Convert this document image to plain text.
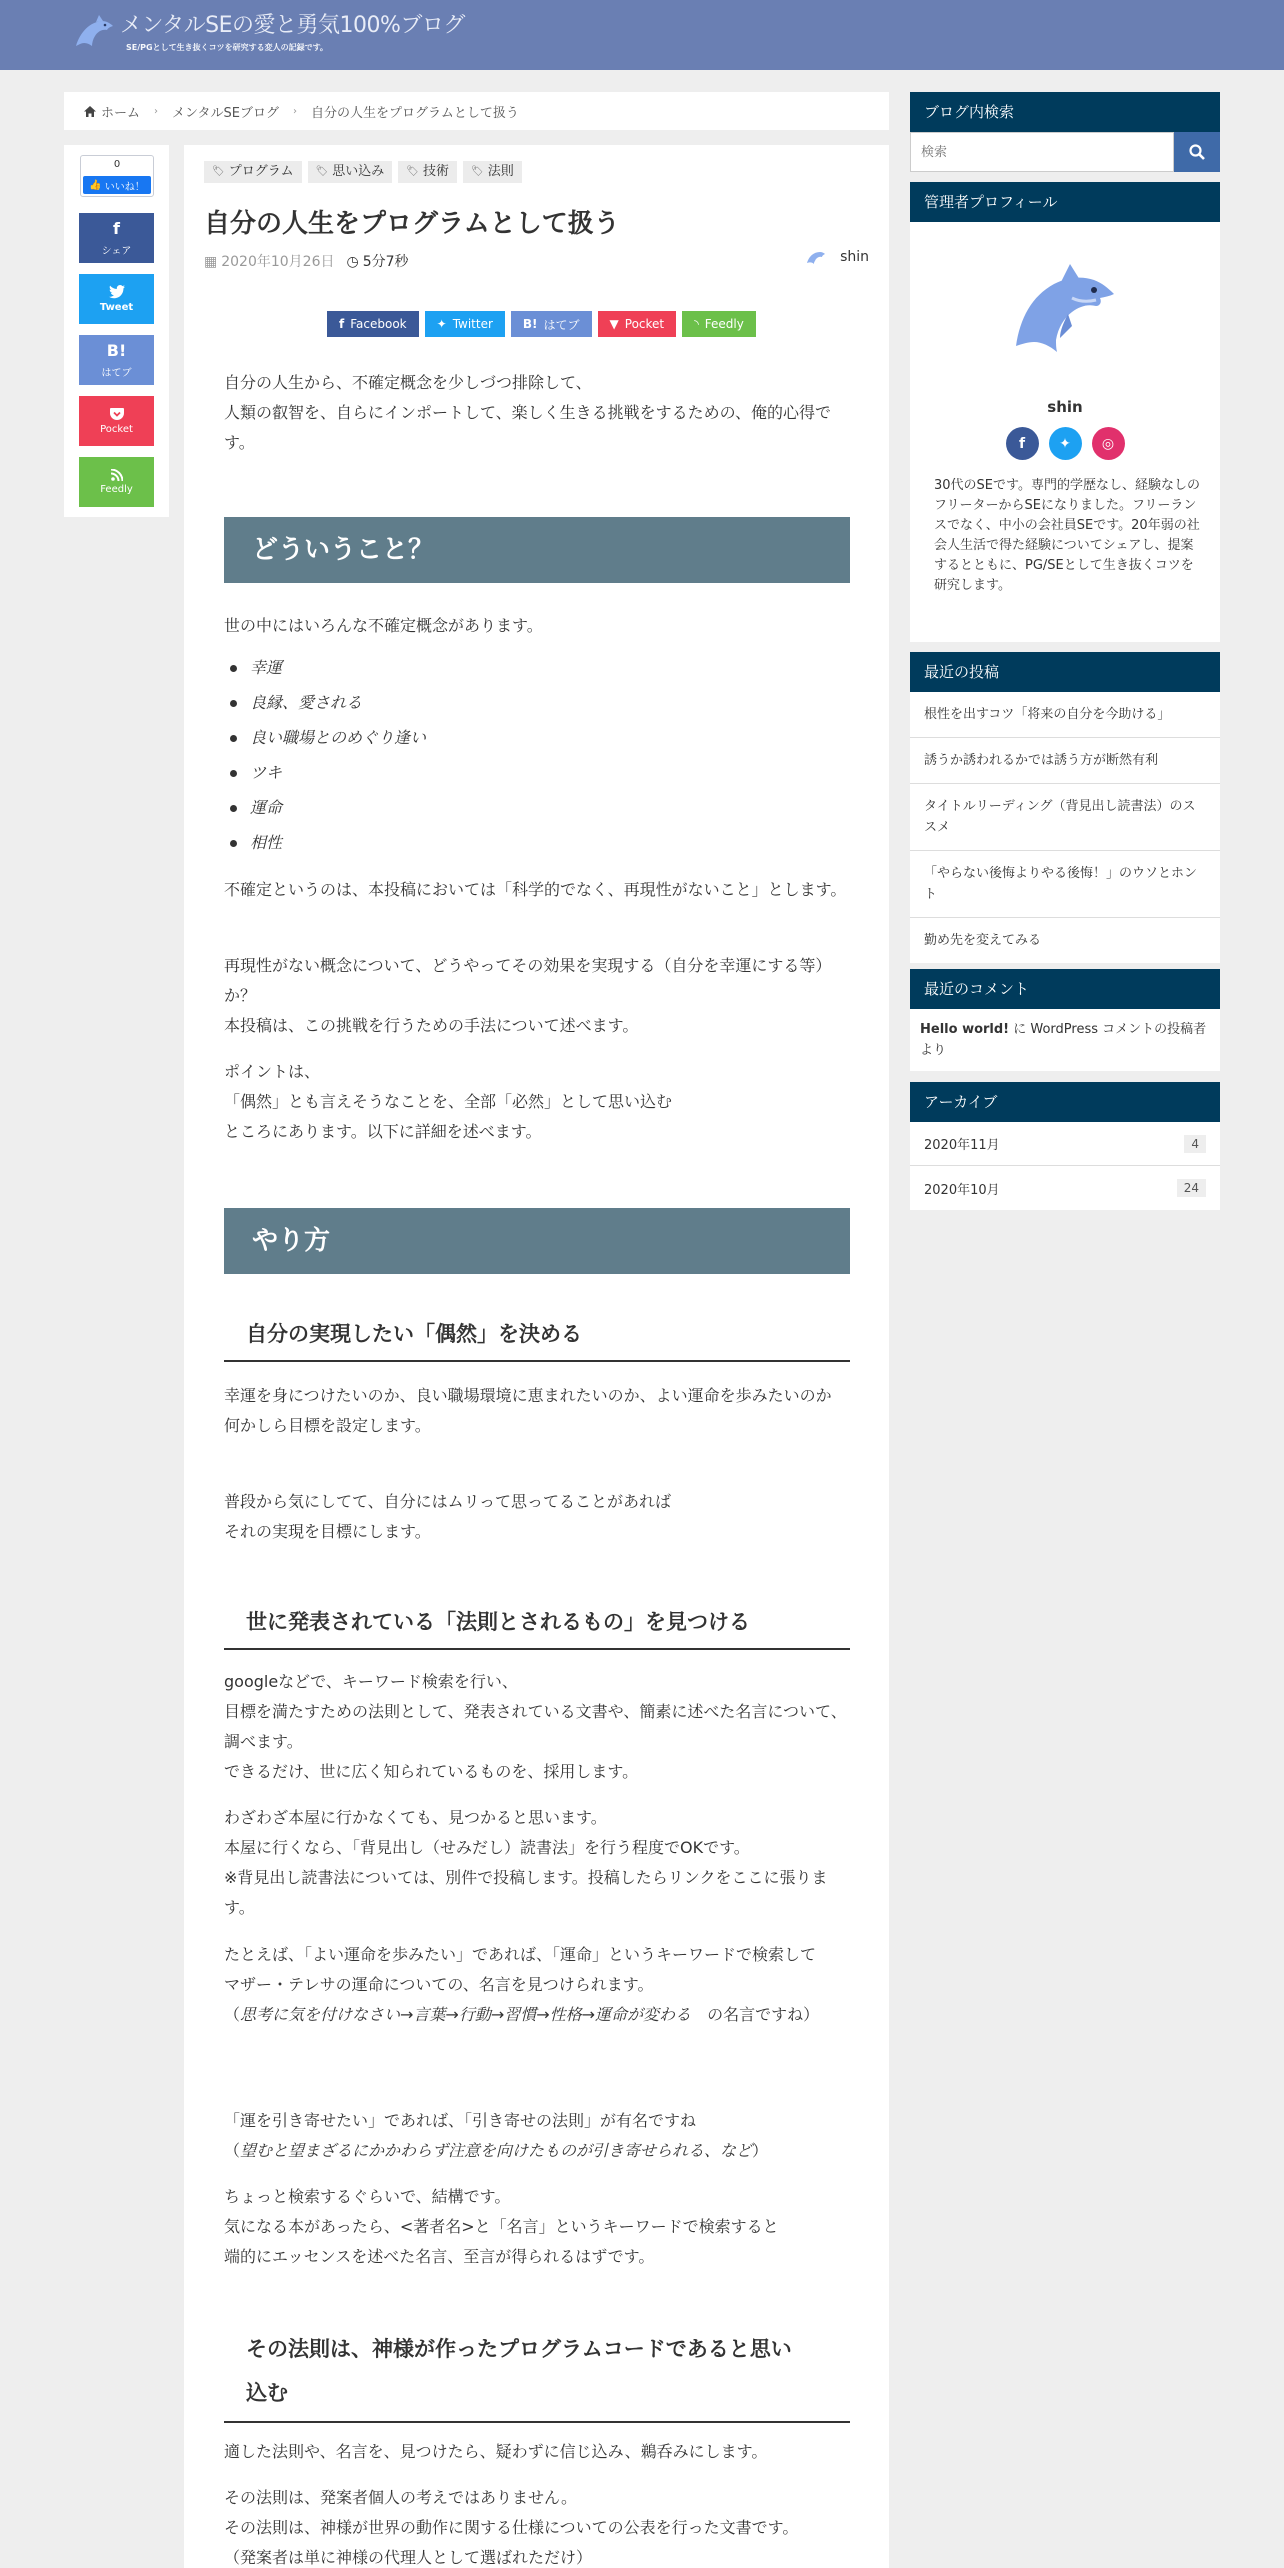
メンタルSEの愛と勇気100%ブログ
SE/PGとして生き抜くコツを研究する変人の記録です。
ホーム › メンタルSEブログ › 自分の人生をプログラムとして扱う
0
👍 いいね！
f
シェア
Tweet
B!
はてブ
Pocket
Feedly
🏷 プログラム 🏷 思い込み 🏷 技術 🏷 法則
自分の人生をプログラムとして扱う
▦ 2020年10月26日 ◷ 5分7秒	shin
f Facebook	✦ Twitter	B! はてブ	▼ Pocket	◝ Feedly
自分の人生から、不確定概念を少しづつ排除して、
人類の叡智を、自らにインポートして、楽しく生きる挑戦をするための、俺的心得です。
どういうこと？
世の中にはいろんな不確定概念があります。
幸運
良縁、愛される
良い職場とのめぐり逢い
ツキ
運命
相性
不確定というのは、本投稿においては「科学的でなく、再現性がないこと」とします。
再現性がない概念について、どうやってその効果を実現する（自分を幸運にする等）か？
本投稿は、この挑戦を行うための手法について述べます。
ポイントは、
「偶然」とも言えそうなことを、全部「必然」として思い込む
ところにあります。以下に詳細を述べます。
やり方
自分の実現したい「偶然」を決める
幸運を身につけたいのか、良い職場環境に恵まれたいのか、よい運命を歩みたいのか
何かしら目標を設定します。
普段から気にしてて、自分にはムリって思ってることがあれば
それの実現を目標にします。
世に発表されている「法則とされるもの」を見つける
googleなどで、キーワード検索を行い、
目標を満たすための法則として、発表されている文書や、簡素に述べた名言について、調べます。
できるだけ、世に広く知られているものを、採用します。
わざわざ本屋に行かなくても、見つかると思います。
本屋に行くなら、「背見出し（せみだし）読書法」を行う程度でOKです。
※背見出し読書法については、別件で投稿します。投稿したらリンクをここに張ります。
たとえば、「よい運命を歩みたい」であれば、「運命」というキーワードで検索して
マザー・テレサの運命についての、名言を見つけられます。
（思考に気を付けなさい→言葉→行動→習慣→性格→運命が変わる　の名言ですね）
「運を引き寄せたい」であれば、「引き寄せの法則」が有名ですね
（望むと望まざるにかかわらず注意を向けたものが引き寄せられる、など）
ちょっと検索するぐらいで、結構です。
気になる本があったら、<著者名>と「名言」というキーワードで検索すると
端的にエッセンスを述べた名言、至言が得られるはずです。
その法則は、神様が作ったプログラムコードであると思い
込む
適した法則や、名言を、見つけたら、疑わずに信じ込み、鵜呑みにします。
その法則は、発案者個人の考えではありません。
その法則は、神様が世界の動作に関する仕様についての公表を行った文書です。
（発案者は単に神様の代理人として選ばれただけ）
ブログ内検索
検索
管理者プロフィール
shin
f	✦	◎
30代のSEです。専門的学歴なし、経験なしのフリーターからSEになりました。フリーランスでなく、中小の会社員SEです。20年弱の社会人生活で得た経験についてシェアし、提案するとともに、PG/SEとして生き抜くコツを研究します。
最近の投稿
根性を出すコツ「将来の自分を今助ける」
誘うか誘われるかでは誘う方が断然有利
タイトルリーディング（背見出し読書法）のススメ
「やらない後悔よりやる後悔！」のウソとホント
勤め先を変えてみる
最近のコメント
Hello world! に WordPress コメントの投稿者 より
アーカイブ
2020年11月	4
2020年10月	24
